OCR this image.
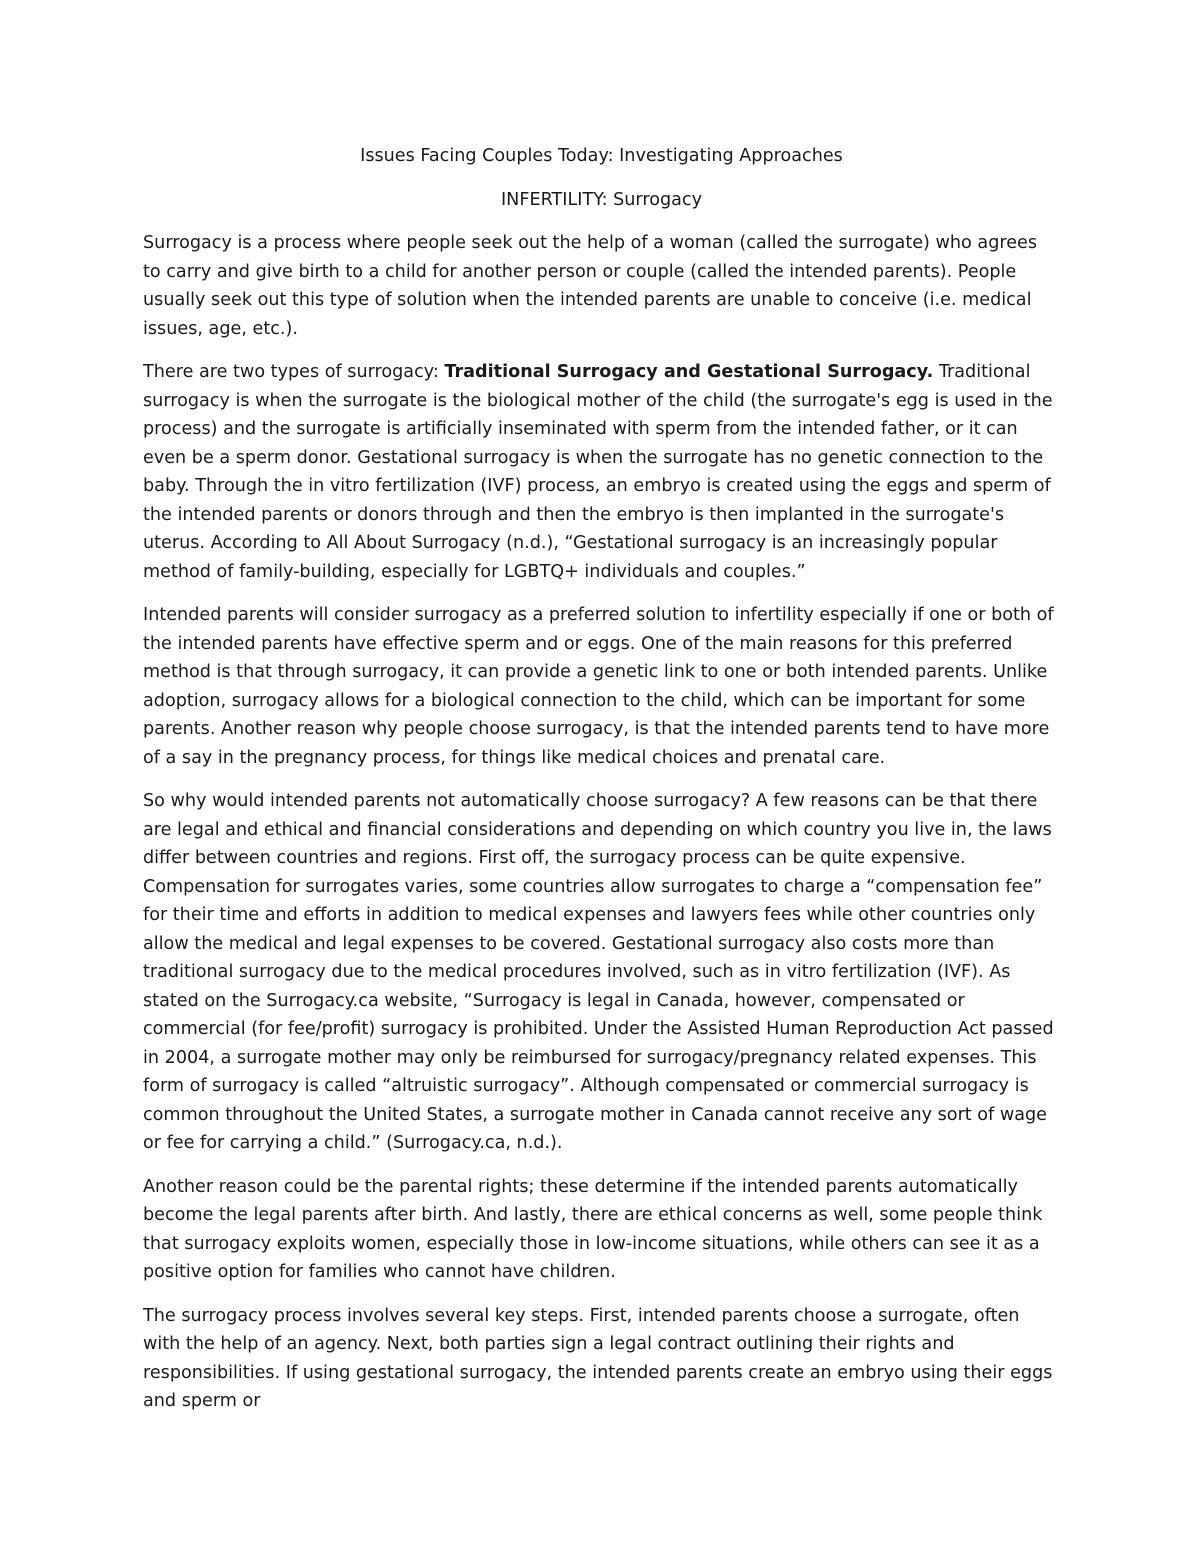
Issues Facing Couples Today: Investigating Approaches
INFERTILITY: Surrogacy

Surrogacy is a process where people seek out the help of a woman (called the surrogate) who agrees to carry and give birth to a child for another person or couple (called the intended parents). People usually seek out this type of solution when the intended parents are unable to conceive (i.e. medical issues, age, etc.).

There are two types of surrogacy: Traditional Surrogacy and Gestational Surrogacy. Traditional surrogacy is when the surrogate is the biological mother of the child (the surrogate's egg is used in the process) and the surrogate is artificially inseminated with sperm from the intended father, or it can even be a sperm donor. Gestational surrogacy is when the surrogate has no genetic connection to the baby. Through the in vitro fertilization (IVF) process, an embryo is created using the eggs and sperm of the intended parents or donors through and then the embryo is then implanted in the surrogate's uterus. According to All About Surrogacy (n.d.), “Gestational surrogacy is an increasingly popular method of family-building, especially for LGBTQ+ individuals and couples.”

Intended parents will consider surrogacy as a preferred solution to infertility especially if one or both of the intended parents have effective sperm and or eggs. One of the main reasons for this preferred method is that through surrogacy, it can provide a genetic link to one or both intended parents. Unlike adoption, surrogacy allows for a biological connection to the child, which can be important for some parents. Another reason why people choose surrogacy, is that the intended parents tend to have more of a say in the pregnancy process, for things like medical choices and prenatal care.

So why would intended parents not automatically choose surrogacy? A few reasons can be that there are legal and ethical and financial considerations and depending on which country you live in, the laws differ between countries and regions. First off, the surrogacy process can be quite expensive. Compensation for surrogates varies, some countries allow surrogates to charge a “compensation fee” for their time and efforts in addition to medical expenses and lawyers fees while other countries only allow the medical and legal expenses to be covered. Gestational surrogacy also costs more than traditional surrogacy due to the medical procedures involved, such as in vitro fertilization (IVF). As stated on the Surrogacy.ca website, “Surrogacy is legal in Canada, however, compensated or commercial (for fee/profit) surrogacy is prohibited. Under the Assisted Human Reproduction Act passed in 2004, a surrogate mother may only be reimbursed for surrogacy/pregnancy related expenses. This form of surrogacy is called “altruistic surrogacy”. Although compensated or commercial surrogacy is common throughout the United States, a surrogate mother in Canada cannot receive any sort of wage or fee for carrying a child.” (Surrogacy.ca, n.d.).

Another reason could be the parental rights; these determine if the intended parents automatically become the legal parents after birth. And lastly, there are ethical concerns as well, some people think that surrogacy exploits women, especially those in low-income situations, while others can see it as a positive option for families who cannot have children.

The surrogacy process involves several key steps. First, intended parents choose a surrogate, often with the help of an agency. Next, both parties sign a legal contract outlining their rights and responsibilities. If using gestational surrogacy, the intended parents create an embryo using their eggs and sperm or
